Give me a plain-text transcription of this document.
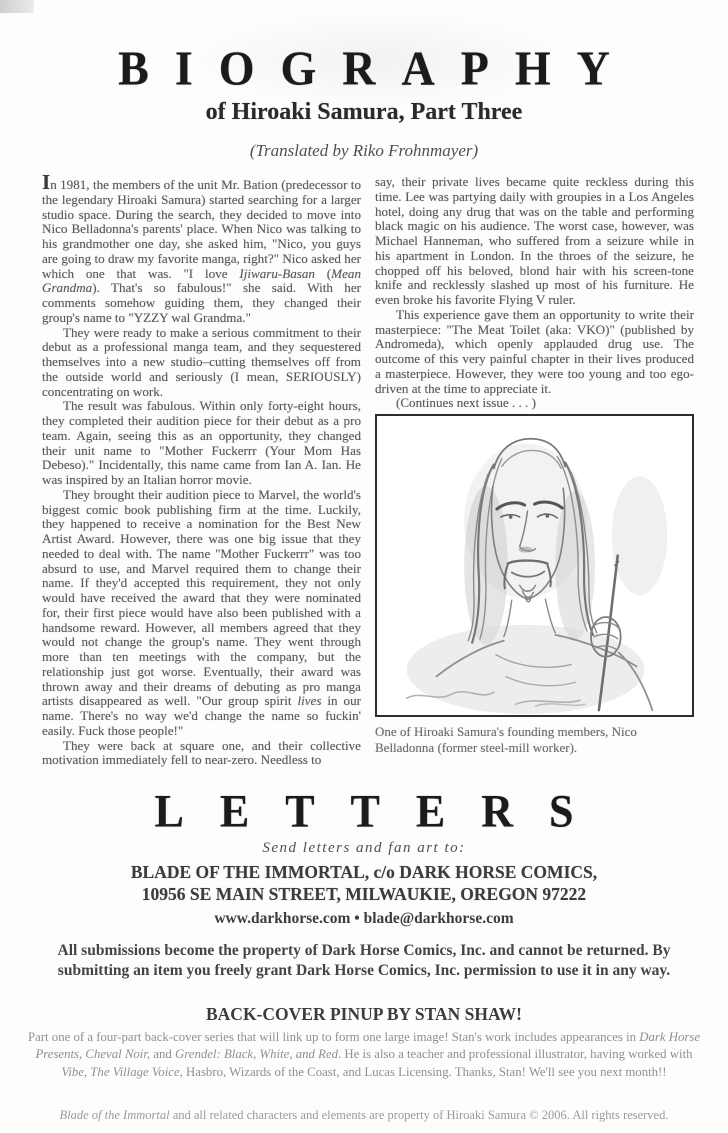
BIOGRAPHY
of Hiroaki Samura, Part Three
(Translated by Riko Frohnmayer)

In 1981, the members of the unit Mr. Bation (predecessor to the legendary Hiroaki Samura) started searching for a larger studio space. During the search, they decided to move into Nico Belladonna's parents' place. When Nico was talking to his grandmother one day, she asked him, "Nico, you guys are going to draw my favorite manga, right?" Nico asked her which one that was. "I love Ijiwaru-Basan (Mean Grandma). That's so fabulous!" she said. With her comments somehow guiding them, they changed their group's name to "YZZY wal Grandma."

They were ready to make a serious commitment to their debut as a professional manga team, and they sequestered themselves into a new studio–cutting themselves off from the outside world and seriously (I mean, SERIOUSLY) concentrating on work.

The result was fabulous. Within only forty-eight hours, they completed their audition piece for their debut as a pro team. Again, seeing this as an opportunity, they changed their unit name to "Mother Fuckerrr (Your Mom Has Debeso)." Incidentally, this name came from Ian A. Ian. He was inspired by an Italian horror movie.

They brought their audition piece to Marvel, the world's biggest comic book publishing firm at the time. Luckily, they happened to receive a nomination for the Best New Artist Award. However, there was one big issue that they needed to deal with. The name "Mother Fuckerrr" was too absurd to use, and Marvel required them to change their name. If they'd accepted this requirement, they not only would have received the award that they were nominated for, their first piece would have also been published with a handsome reward. However, all members agreed that they would not change the group's name. They went through more than ten meetings with the company, but the relationship just got worse. Eventually, their award was thrown away and their dreams of debuting as pro manga artists disappeared as well. "Our group spirit lives in our name. There's no way we'd change the name so fuckin' easily. Fuck those people!"

They were back at square one, and their collective motivation immediately fell to near-zero. Needless to

say, their private lives became quite reckless during this time. Lee was partying daily with groupies in a Los Angeles hotel, doing any drug that was on the table and performing black magic on his audience. The worst case, however, was Michael Hanneman, who suffered from a seizure while in his apartment in London. In the throes of the seizure, he chopped off his beloved, blond hair with his screen-tone knife and recklessly slashed up most of his furniture. He even broke his favorite Flying V ruler.

This experience gave them an opportunity to write their masterpiece: "The Meat Toilet (aka: VKO)" (published by Andromeda), which openly applauded drug use. The outcome of this very painful chapter in their lives produced a masterpiece. However, they were too young and too ego-driven at the time to appreciate it.

(Continues next issue . . . )

One of Hiroaki Samura's founding members, Nico Belladonna (former steel-mill worker).
LETTERS
Send letters and fan art to:
BLADE OF THE IMMORTAL, c/o DARK HORSE COMICS,
10956 SE MAIN STREET, MILWAUKIE, OREGON 97222
www.darkhorse.com • blade@darkhorse.com
All submissions become the property of Dark Horse Comics, Inc. and cannot be returned. By submitting an item you freely grant Dark Horse Comics, Inc. permission to use it in any way.
BACK-COVER PINUP BY STAN SHAW!
Part one of a four-part back-cover series that will link up to form one large image! Stan's work includes appearances in Dark Horse Presents, Cheval Noir, and Grendel: Black, White, and Red. He is also a teacher and professional illustrator, having worked with Vibe, The Village Voice, Hasbro, Wizards of the Coast, and Lucas Licensing. Thanks, Stan! We'll see you next month!!
Blade of the Immortal and all related characters and elements are property of Hiroaki Samura © 2006. All rights reserved.
